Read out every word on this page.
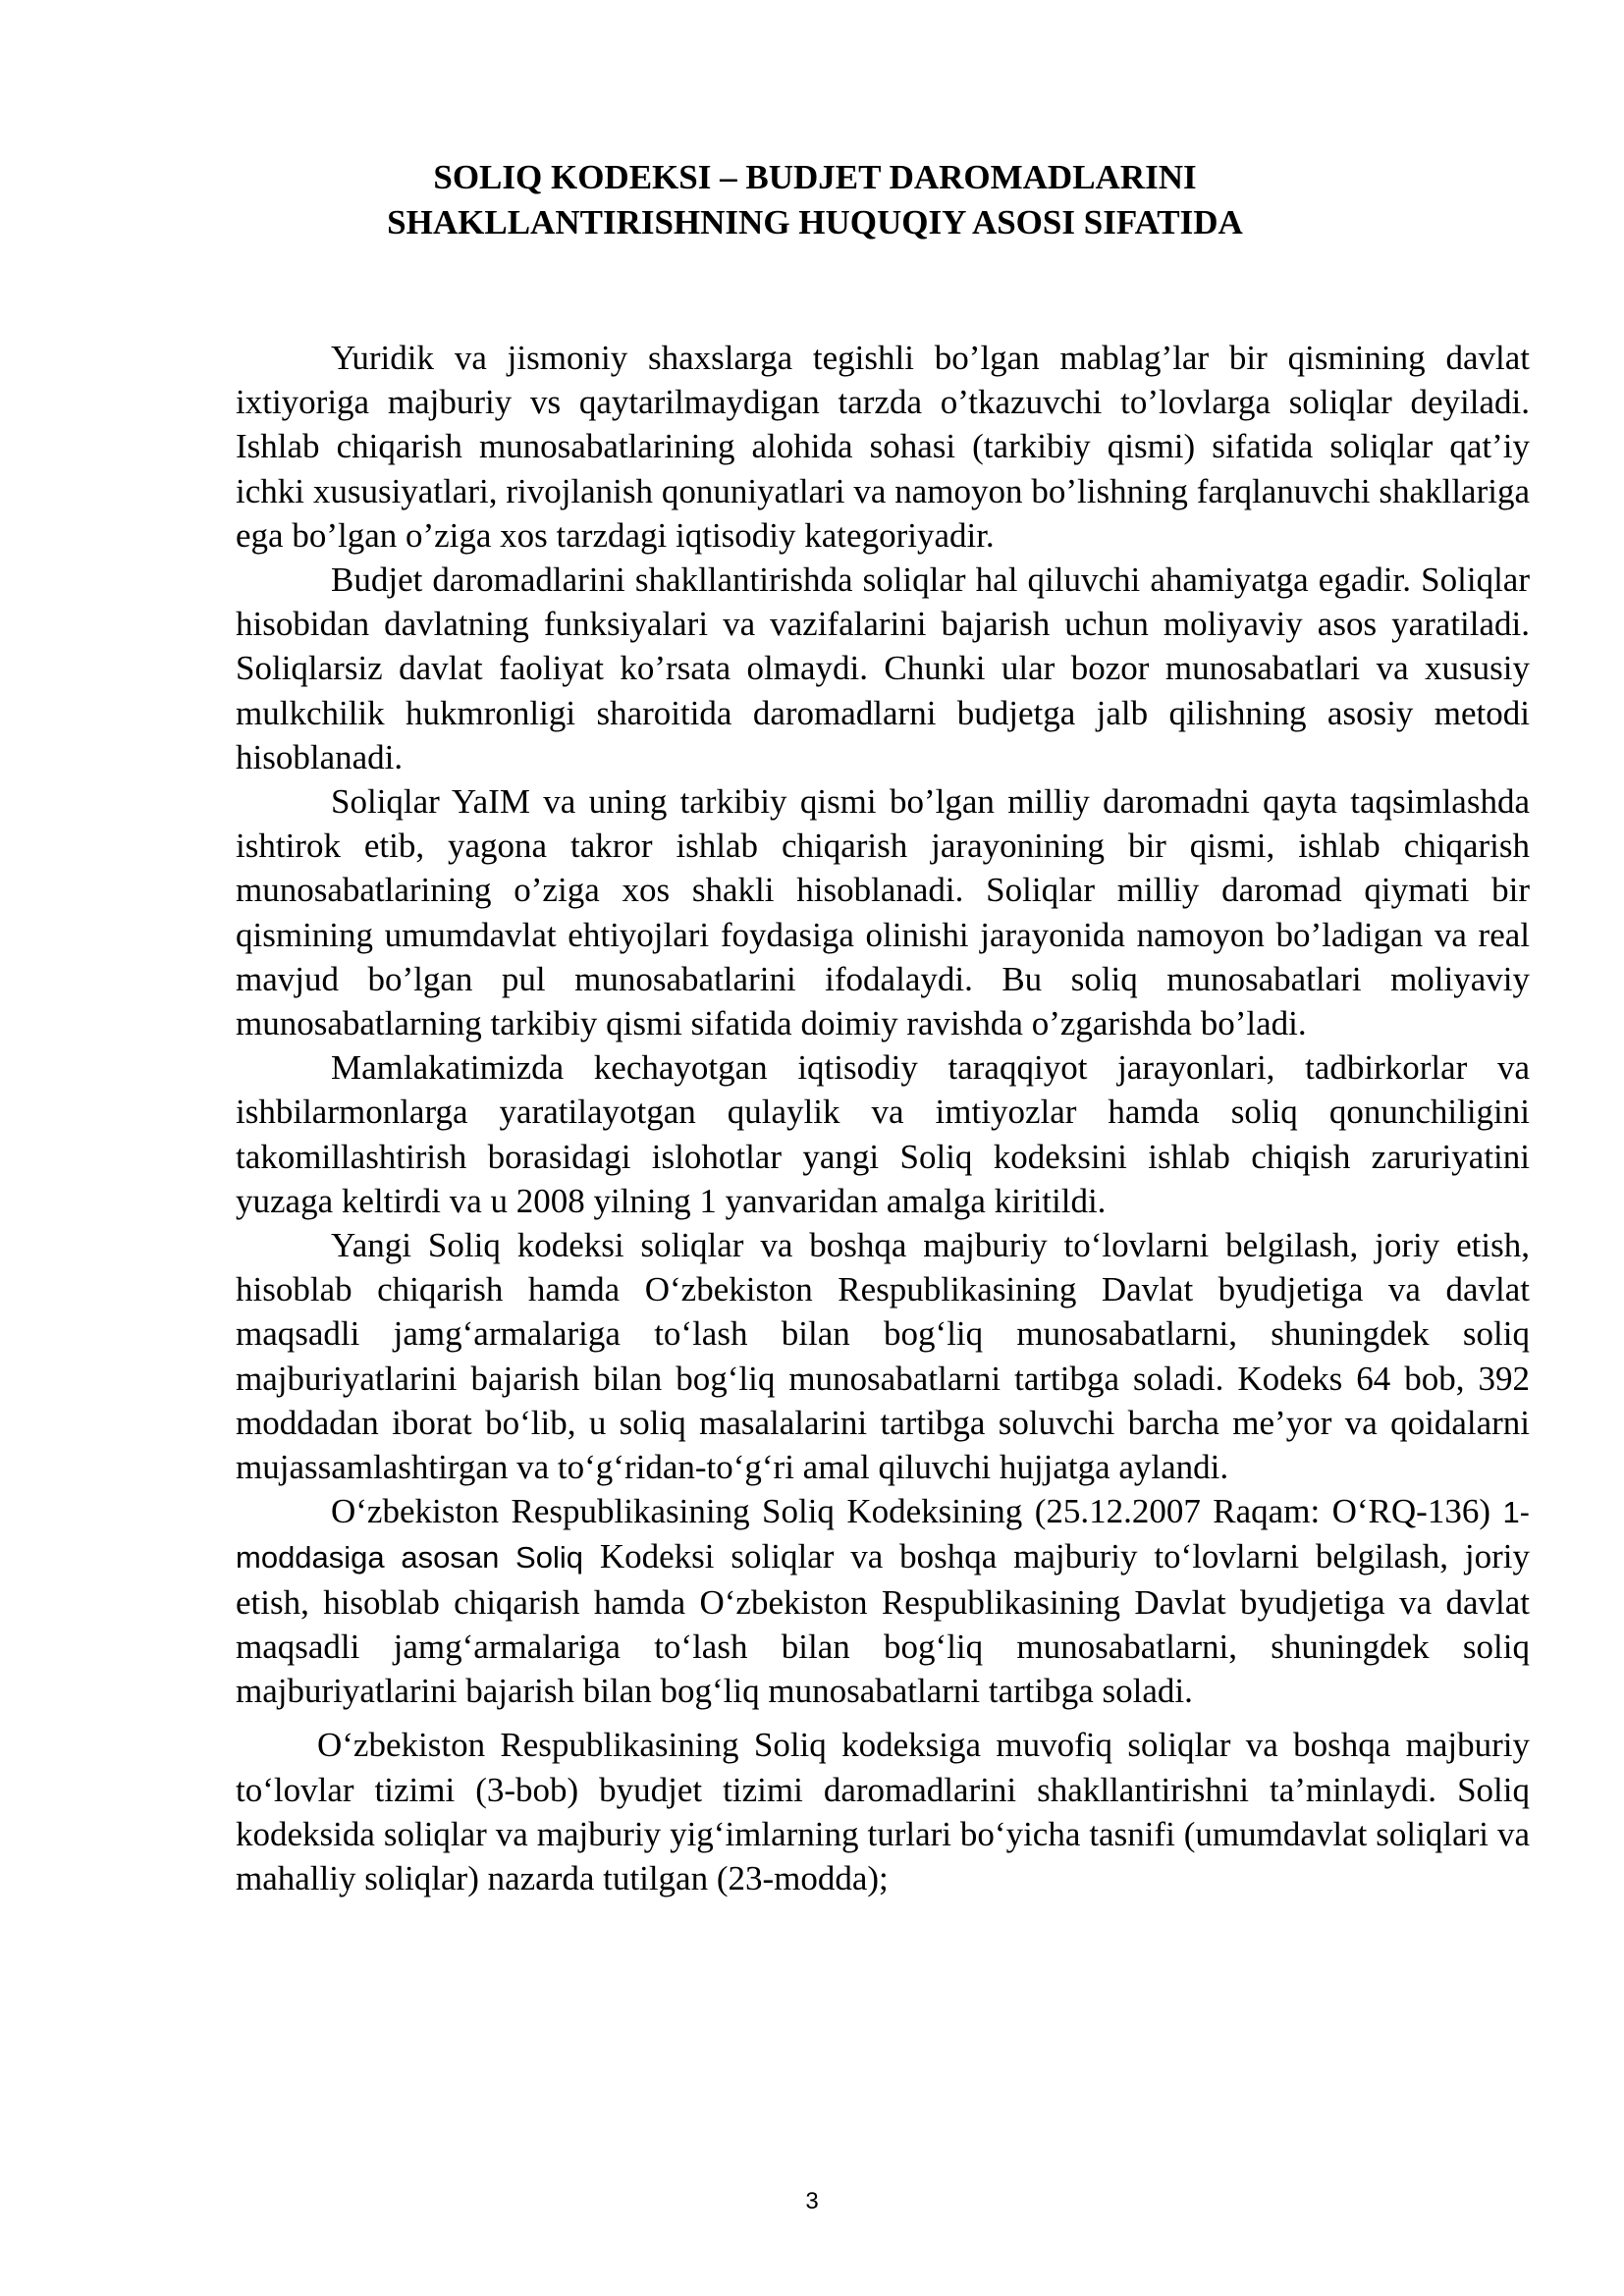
SOLIQ KODEKSI – BUDJET DAROMADLARINI
SHAKLLANTIRISHNING HUQUQIY ASOSI SIFATIDA

Yuridik va jismoniy shaxslarga tegishli bo’lgan mablag’lar bir qismining davlat ixtiyoriga majburiy vs qaytarilmaydigan tarzda o’tkazuvchi to’lovlarga soliqlar deyiladi. Ishlab chiqarish munosabatlarining alohida sohasi (tarkibiy qismi) sifatida soliqlar qat’iy ichki xususiyatlari, rivojlanish qonuniyatlari va namoyon bo’lishning farqlanuvchi shakllariga ega bo’lgan o’ziga xos tarzdagi iqtisodiy kategoriyadir.

Budjet daromadlarini shakllantirishda soliqlar hal qiluvchi ahamiyatga egadir. Soliqlar hisobidan davlatning funksiyalari va vazifalarini bajarish uchun moliyaviy asos yaratiladi. Soliqlarsiz davlat faoliyat ko’rsata olmaydi. Chunki ular bozor munosabatlari va xususiy mulkchilik hukmronligi sharoitida daromadlarni budjetga jalb qilishning asosiy metodi hisoblanadi.

Soliqlar YaIM va uning tarkibiy qismi bo’lgan milliy daromadni qayta taqsimlashda ishtirok etib, yagona takror ishlab chiqarish jarayonining bir qismi, ishlab chiqarish munosabatlarining o’ziga xos shakli hisoblanadi. Soliqlar milliy daromad qiymati bir qismining umumdavlat ehtiyojlari foydasiga olinishi jarayonida namoyon bo’ladigan va real mavjud bo’lgan pul munosabatlarini ifodalaydi. Bu soliq munosabatlari moliyaviy munosabatlarning tarkibiy qismi sifatida doimiy ravishda o’zgarishda bo’ladi.

Mamlakatimizda kechayotgan iqtisodiy taraqqiyot jarayonlari, tadbirkorlar va ishbilarmonlarga yaratilayotgan qulaylik va imtiyozlar hamda soliq qonunchiligini takomillashtirish borasidagi islohotlar yangi Soliq kodeksini ishlab chiqish zaruriyatini yuzaga keltirdi va u 2008 yilning 1 yanvaridan amalga kiritildi.

Yangi Soliq kodeksi soliqlar va boshqa majburiy to‘lovlarni belgilash, joriy etish, hisoblab chiqarish hamda O‘zbekiston Respublikasining Davlat byudjetiga va davlat maqsadli jamg‘armalariga to‘lash bilan bog‘liq munosabatlarni, shuningdek soliq majburiyatlarini bajarish bilan bog‘liq munosabatlarni tartibga soladi. Kodeks 64 bob, 392 moddadan iborat bo‘lib, u soliq masalalarini tartibga soluvchi barcha me’yor va qoidalarni mujassamlashtirgan va to‘g‘ridan-to‘g‘ri amal qiluvchi hujjatga aylandi.

O‘zbekiston Respublikasining Soliq Kodeksining (25.12.2007 Raqam: O‘RQ-136) 1-moddasiga asosan Soliq Kodeksi soliqlar va boshqa majburiy to‘lovlarni belgilash, joriy etish, hisoblab chiqarish hamda O‘zbekiston Respublikasining Davlat byudjetiga va davlat maqsadli jamg‘armalariga to‘lash bilan bog‘liq munosabatlarni, shuningdek soliq majburiyatlarini bajarish bilan bog‘liq munosabatlarni tartibga soladi.

O‘zbekiston Respublikasining Soliq kodeksiga muvofiq soliqlar va boshqa majburiy to‘lovlar tizimi (3-bob) byudjet tizimi daromadlarini shakllantirishni ta’minlaydi. Soliq kodeksida soliqlar va majburiy yig‘imlarning turlari bo‘yicha tasnifi (umumdavlat soliqlari va mahalliy soliqlar) nazarda tutilgan (23-modda);

3
